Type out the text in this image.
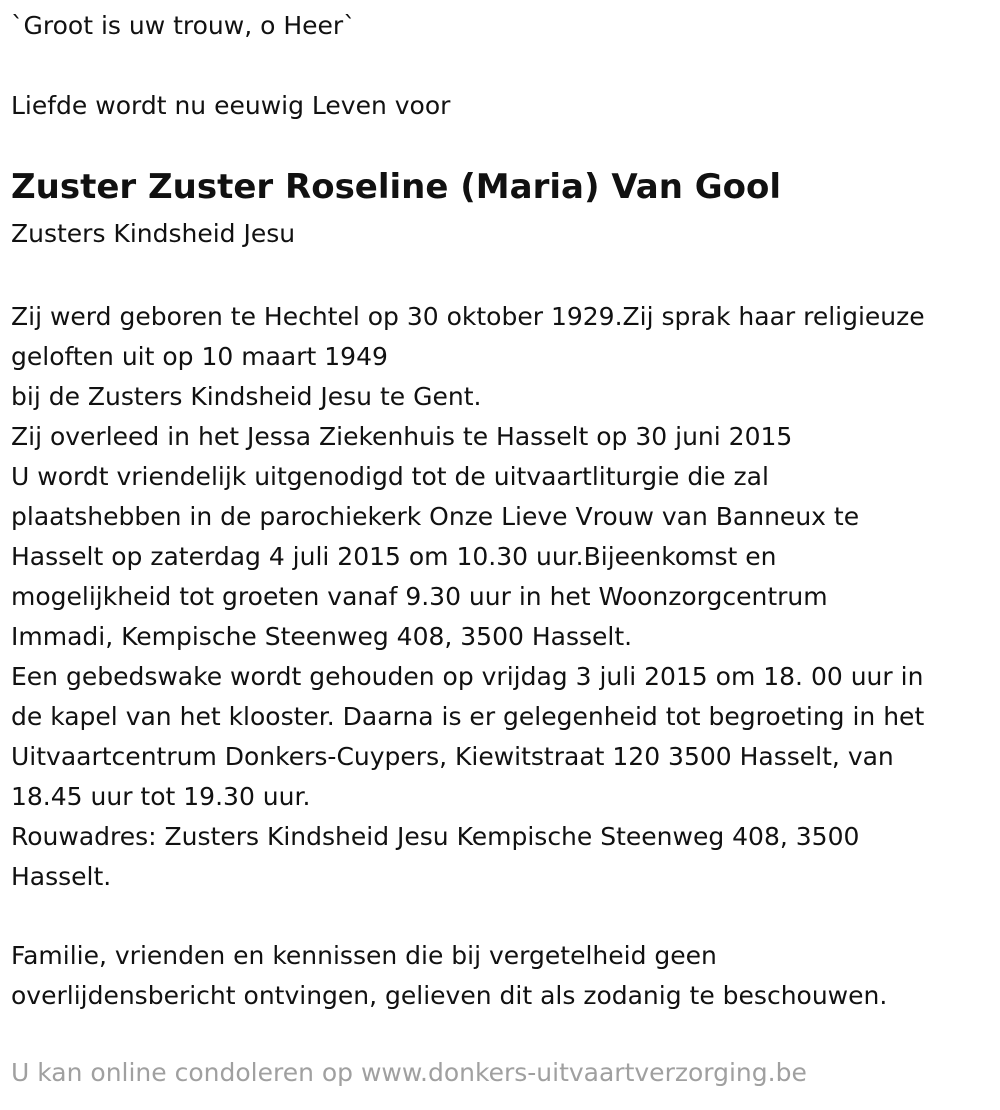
`Groot is uw trouw, o Heer`
Liefde wordt nu eeuwig Leven voor
Zuster Zuster Roseline (Maria) Van Gool
Zusters Kindsheid Jesu
Zij werd geboren te Hechtel op 30 oktober 1929.Zij sprak haar religieuze
geloften uit op 10 maart 1949
bij de Zusters Kindsheid Jesu te Gent.
Zij overleed in het Jessa Ziekenhuis te Hasselt op 30 juni 2015
U wordt vriendelijk uitgenodigd tot de uitvaartliturgie die zal
plaatshebben in de parochiekerk Onze Lieve Vrouw van Banneux te
Hasselt op zaterdag 4 juli 2015 om 10.30 uur.Bijeenkomst en
mogelijkheid tot groeten vanaf 9.30 uur in het Woonzorgcentrum
Immadi, Kempische Steenweg 408, 3500 Hasselt.
Een gebedswake wordt gehouden op vrijdag 3 juli 2015 om 18. 00 uur in
de kapel van het klooster. Daarna is er gelegenheid tot begroeting in het
Uitvaartcentrum Donkers-Cuypers, Kiewitstraat 120 3500 Hasselt, van
18.45 uur tot 19.30 uur.
Rouwadres: Zusters Kindsheid Jesu Kempische Steenweg 408, 3500
Hasselt.
Familie, vrienden en kennissen die bij vergetelheid geen
overlijdensbericht ontvingen, gelieven dit als zodanig te beschouwen.
U kan online condoleren op www.donkers-uitvaartverzorging.be
